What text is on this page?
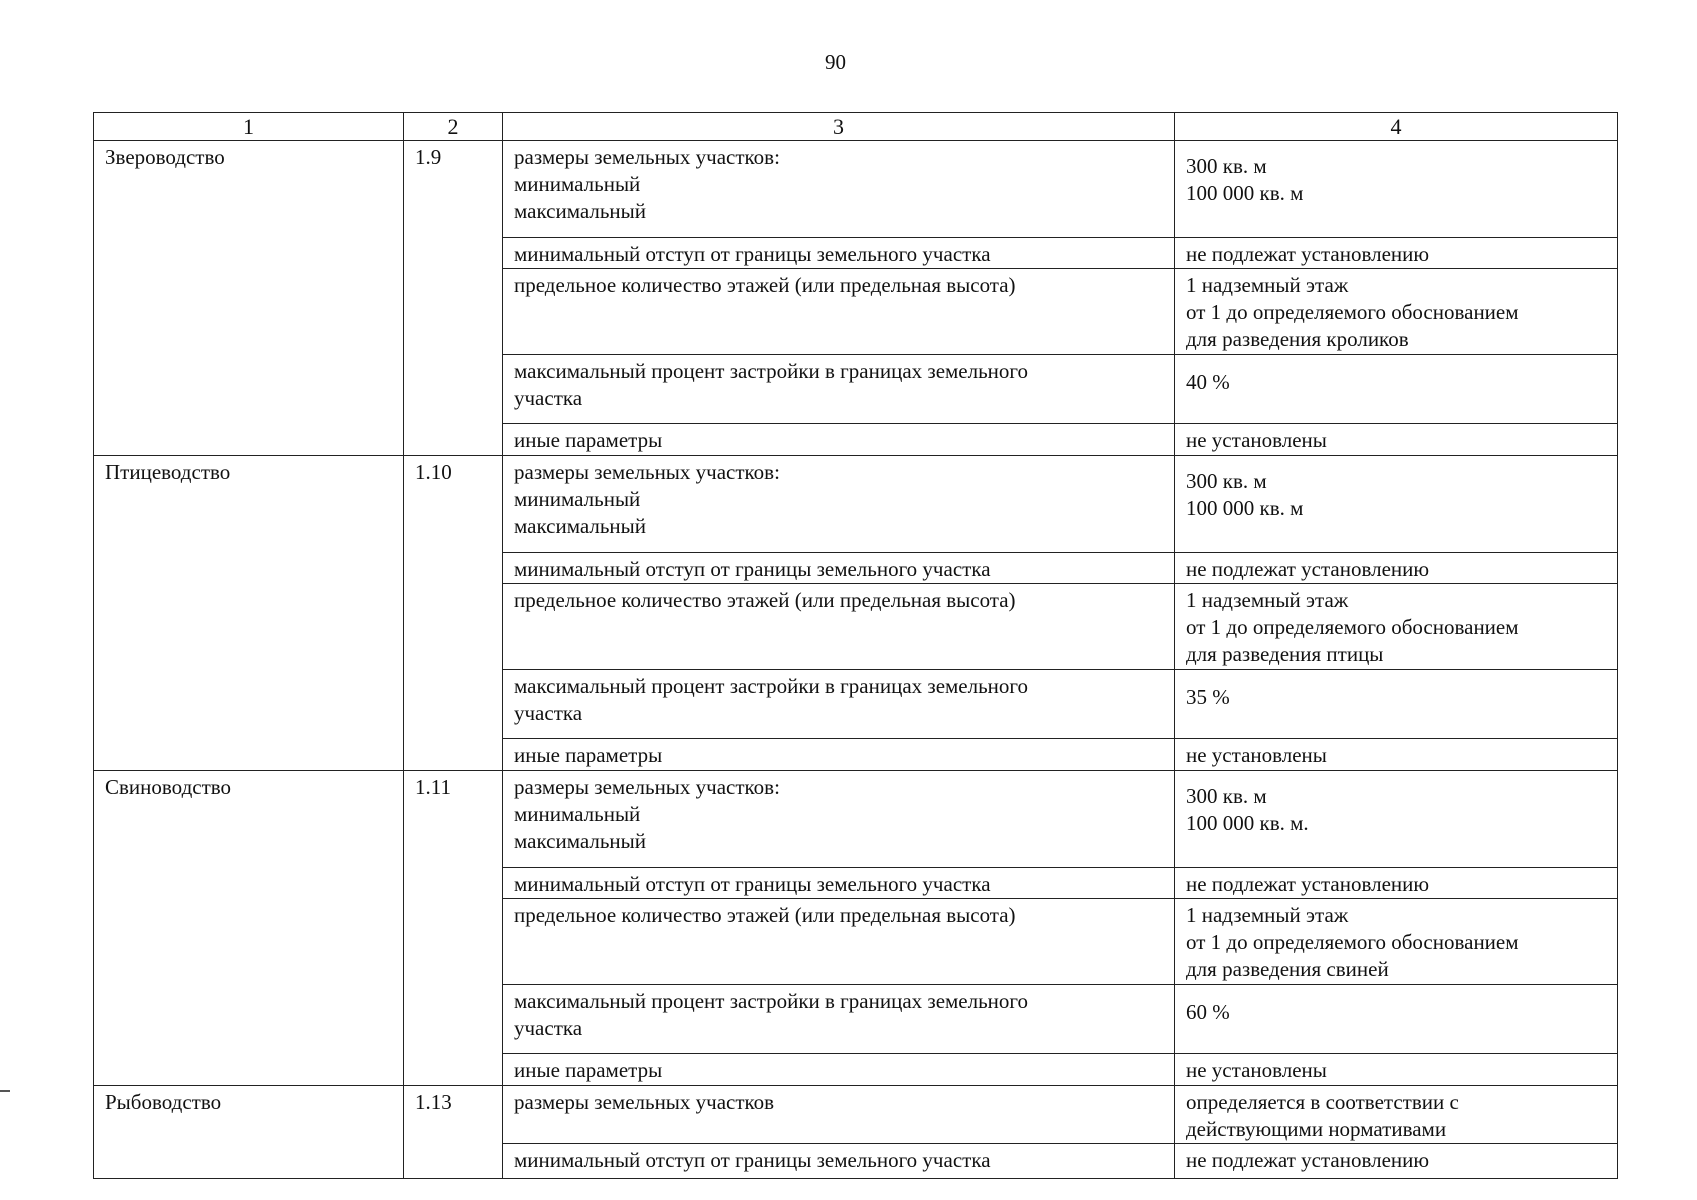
90
1	2	3	4
Звероводство	1.9	размеры земельных участков:
минимальный
максимальный	300 кв. м
100 000 кв. м

		минимальный отступ от границы земельного участка	не подлежат установлению

		предельное количество этажей (или предельная высота)	1 надземный этаж
от 1 до определяемого обоснованием
для разведения кроликов

		максимальный процент застройки в границах земельного
участка	40 %

		иные параметры	не установлены

Птицеводство	1.10	размеры земельных участков:
минимальный
максимальный	300 кв. м
100 000 кв. м

		минимальный отступ от границы земельного участка	не подлежат установлению

		предельное количество этажей (или предельная высота)	1 надземный этаж
от 1 до определяемого обоснованием
для разведения птицы

		максимальный процент застройки в границах земельного
участка	35 %

		иные параметры	не установлены

Свиноводство	1.11	размеры земельных участков:
минимальный
максимальный	300 кв. м
100 000 кв. м.

		минимальный отступ от границы земельного участка	не подлежат установлению

		предельное количество этажей (или предельная высота)	1 надземный этаж
от 1 до определяемого обоснованием
для разведения свиней

		максимальный процент застройки в границах земельного
участка	60 %

		иные параметры	не установлены

Рыбоводство	1.13	размеры земельных участков	определяется в соответствии с
действующими нормативами

		минимальный отступ от границы земельного участка	не подлежат установлению
